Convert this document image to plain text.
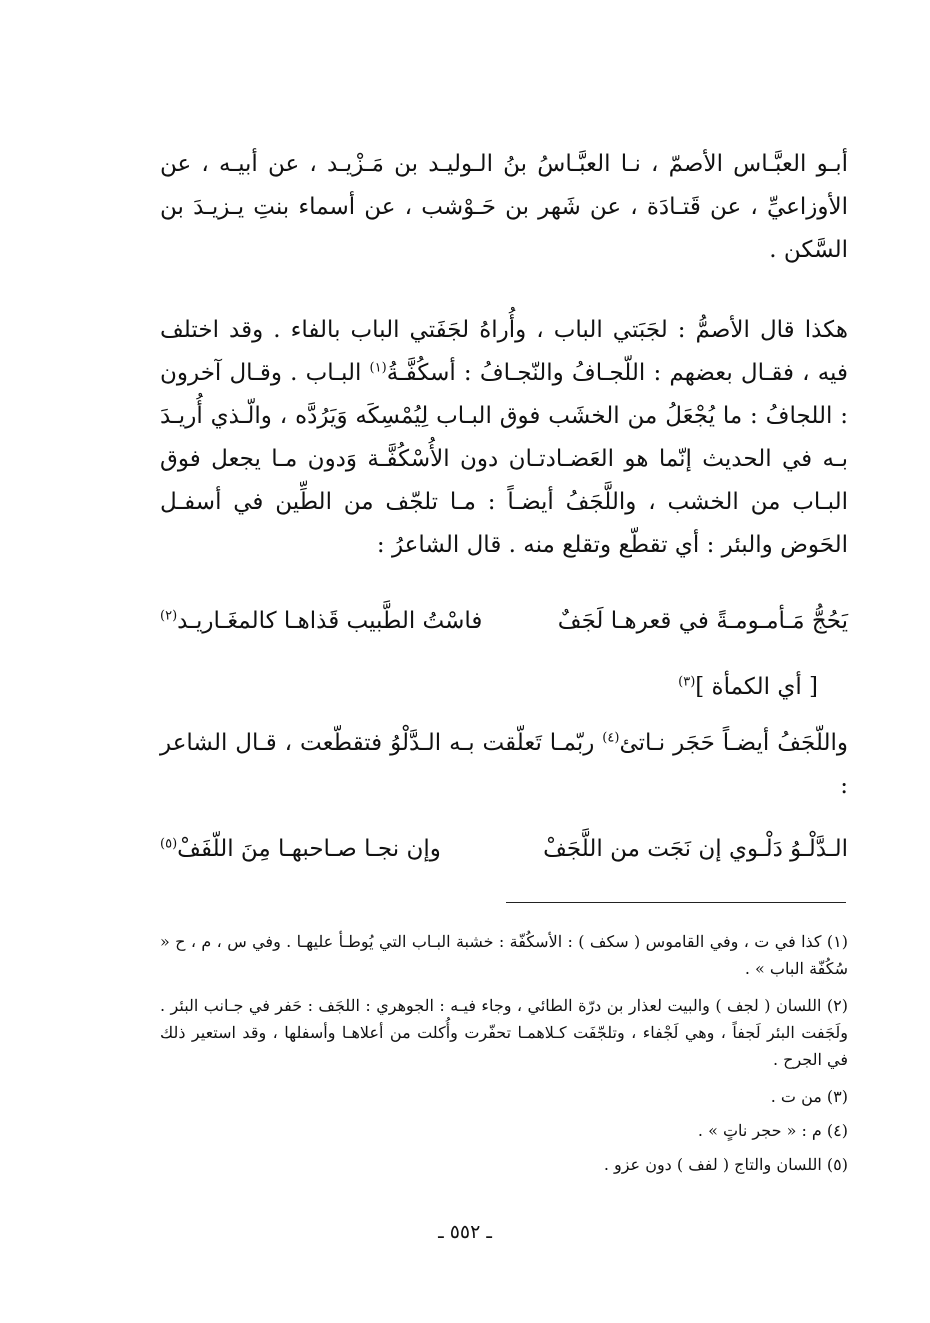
أبـو العبَّـاس الأصمّ ، نـا العبَّـاسُ بنُ الـوليـد بن مَـزْيـد ، عن أبيـه ، عن الأوزاعيِّ ، عن قَتـادَة ، عن شَهر بن حَـوْشب ، عن أسماء بنتِ يـزيـدَ بن السَّكن .
هكذا قال الأصمُّ : لجَبَتي الباب ، وأُراهُ لجَفَتي الباب بالفاء . وقد اختلف فيه ، فقـال بعضهم : اللّجـافُ والنّجـافُ : أسكُفَّـةُ$^{(١)}$ البـاب . وقـال آخرون : اللجافُ : ما يُجْعَلُ من الخشَب فوق البـاب لِيُمْسِكَه وَيَرُدَّه ، والّـذي أُريـدَ بـه في الحديث إنّما هو العَضـادتـان دون الأُسْكُفَّـة وَدون مـا يجعل فوق البـاب من الخشب ، واللَّجَفُ أيضـاً : مـا تلجّف من الطِّين في أسفـل الحَوض والبئر : أي تقطّع وتقلع منه . قال الشاعرُ :
يَحُجُّ مَـأمـومـةً في قعرهـا لَجَفٌ
فاسْتُ الطَّبيب قَذاهـا كالمغَـاريـد$^{(٢)}$
[ أي الكمأة ]$^{(٣)}$
واللّجَفُ أيضـاً حَجَر نـاتئ$^{(٤)}$ ربّمـا تَعلّقت بـه الـدَّلْوُ فتقطّعت ، قـال الشاعر :
الـدَّلْـوُ دَلْـوي إن نَجَت من اللَّجَفْ
وإن نجـا صـاحبهـا مِنَ اللّفَفْ$^{(٥)}$
(١) كذا في ت ، وفي القاموس ( سكف ) : الأسكُفّة : خشبة البـاب التي يُوطـأ عليهـا . وفي س ، م ، ح « سُكُفّة الباب » .
(٢) اللسان ( لجف ) والبيت لعذار بن درّة الطائي ، وجاء فيـه : الجوهري : اللجَف : حَفر في جـانب البئر . ولَجَفت البئر لَجفاً ، وهي لَجْفاء ، وتلجّفَت كـلاهمـا تحفّرت وأُكلت من أعلاهـا وأسفلها ، وقد استعير ذلك في الجرح .
(٣) من ت .
(٤) م : « حجر ناتٍ » .
(٥) اللسان والتاج ( لفف ) دون عزو .
ـ ٥٥٢ ـ
